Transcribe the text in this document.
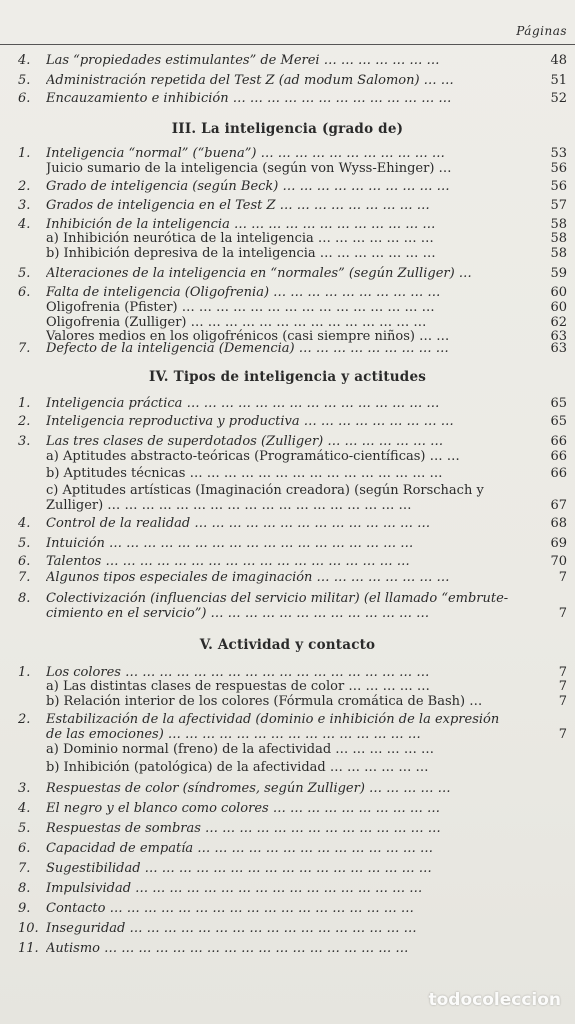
Páginas
4. Las “propiedades estimulantes” de Merei … … … … … … …	48
5. Administración repetida del Test Z (ad modum Salomon) … …	51
6. Encauzamiento e inhibición … … … … … … … … … … … … …	52
III. La inteligencia (grado de)
1. Inteligencia “normal” (“buena”) … … … … … … … … … … …	53
Juicio sumario de la inteligencia (según von Wyss-Ehinger) …	56
2. Grado de inteligencia (según Beck) … … … … … … … … … …	56
3. Grados de inteligencia en el Test Z … … … … … … … … …	57
4. Inhibición de la inteligencia … … … … … … … … … … … …	58
a) Inhibición neurótica de la inteligencia … … … … … … …	58
b) Inhibición depresiva de la inteligencia … … … … … … …	58
5. Alteraciones de la inteligencia en “normales” (según Zulliger) …	59
6. Falta de inteligencia (Oligofrenia) … … … … … … … … … …	60
Oligofrenia (Pfister) … … … … … … … … … … … … … … …	60
Oligofrenia (Zulliger) … … … … … … … … … … … … … …	62
Valores medios en los oligofrénicos (casi siempre niños) … …	63
7. Defecto de la inteligencia (Demencia) … … … … … … … … …	63
IV. Tipos de inteligencia y actitudes
1. Inteligencia práctica … … … … … … … … … … … … … … …	65
2. Inteligencia reproductiva y productiva … … … … … … … … …	65
3. Las tres clases de superdotados (Zulliger) … … … … … … …	66
a) Aptitudes abstracto-teóricas (Programático-científicas) … …	66
b) Aptitudes técnicas … … … … … … … … … … … … … … …	66
c) Aptitudes artísticas (Imaginación creadora) (según Rorschach y
Zulliger) … … … … … … … … … … … … … … … … … …	67
4. Control de la realidad … … … … … … … … … … … … … …	68
5. Intuición … … … … … … … … … … … … … … … … … …	69
6. Talentos … … … … … … … … … … … … … … … … … …	70
7. Algunos tipos especiales de imaginación … … … … … … … …	7
8. Colectivización (influencias del servicio militar) (el llamado “embrute-
cimiento en el servicio”) … … … … … … … … … … … … …	7
V. Actividad y contacto
1. Los colores … … … … … … … … … … … … … … … … … …	7
a) Las distintas clases de respuestas de color … … … … …	7
b) Relación interior de los colores (Fórmula cromática de Bash) …	7
2. Estabilización de la afectividad (dominio e inhibición de la expresión
de las emociones) … … … … … … … … … … … … … … …	7
a) Dominio normal (freno) de la afectividad … … … … … …
b) Inhibición (patológica) de la afectividad … … … … … …
3. Respuestas de color (síndromes, según Zulliger) … … … … …
4. El negro y el blanco como colores … … … … … … … … … …
5. Respuestas de sombras … … … … … … … … … … … … … …
6. Capacidad de empatía … … … … … … … … … … … … … …
7. Sugestibilidad … … … … … … … … … … … … … … … … …
8. Impulsividad … … … … … … … … … … … … … … … … …
9. Contacto … … … … … … … … … … … … … … … … … …
10. Inseguridad … … … … … … … … … … … … … … … … …
11. Autismo … … … … … … … … … … … … … … … … … …
todocoleccion
